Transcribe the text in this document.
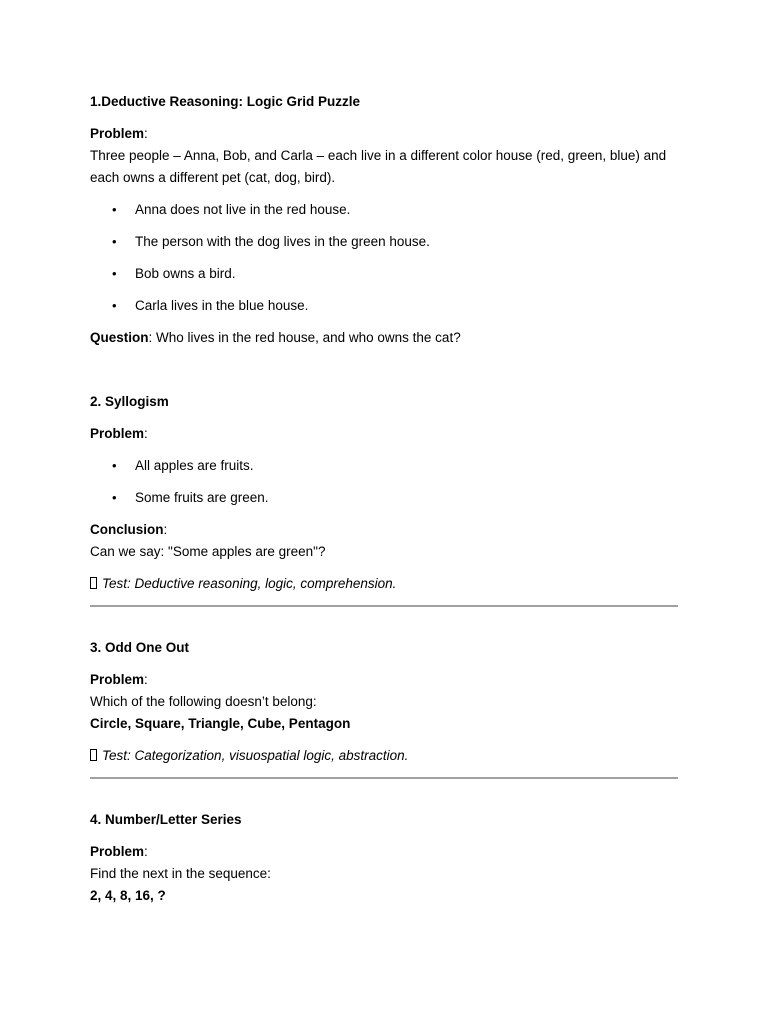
1.Deductive Reasoning: Logic Grid Puzzle
Problem:
Three people – Anna, Bob, and Carla – each live in a different color house (red, green, blue) and each owns a different pet (cat, dog, bird).
•	Anna does not live in the red house.
•	The person with the dog lives in the green house.
•	Bob owns a bird.
•	Carla lives in the blue house.
Question: Who lives in the red house, and who owns the cat?
2. Syllogism
Problem:
•	All apples are fruits.
•	Some fruits are green.
Conclusion:
Can we say: "Some apples are green"?
Test: Deductive reasoning, logic, comprehension.
3. Odd One Out
Problem:
Which of the following doesn’t belong:
Circle, Square, Triangle, Cube, Pentagon
Test: Categorization, visuospatial logic, abstraction.
4. Number/Letter Series
Problem:
Find the next in the sequence:
2, 4, 8, 16, ?
